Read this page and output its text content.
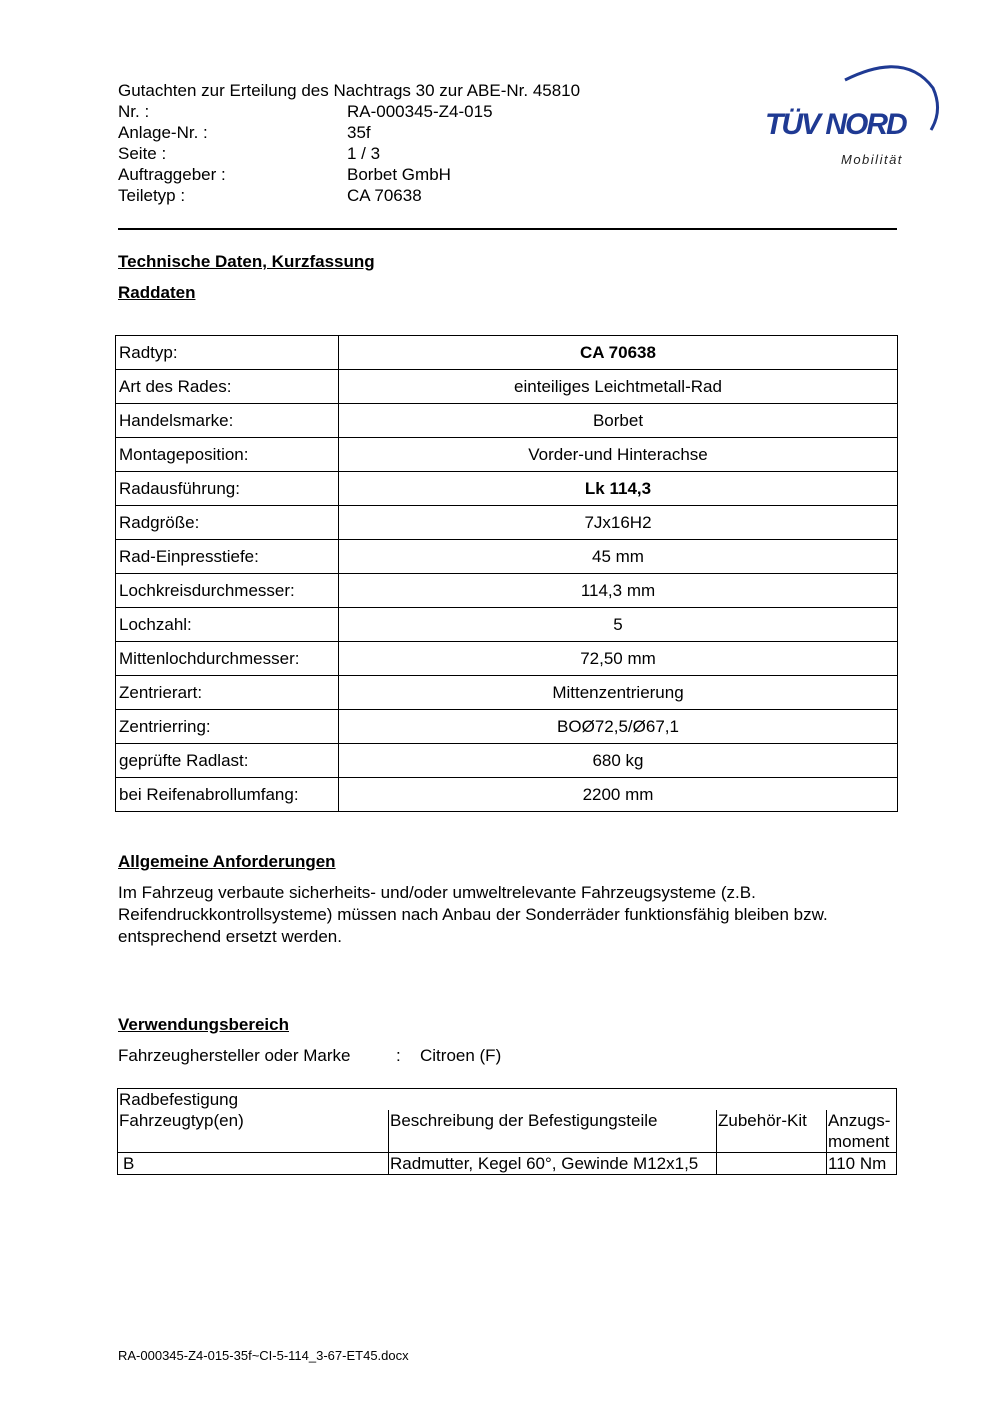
Gutachten zur Erteilung des Nachtrags 30 zur ABE-Nr. 45810
Nr. :	RA-000345-Z4-015
Anlage-Nr. :	35f
Seite :	1 / 3
Auftraggeber :	Borbet GmbH
Teiletyp :	CA 70638
TÜV NORD
Mobilität
Technische Daten, Kurzfassung
Raddaten
Radtyp:	CA 70638
Art des Rades:	einteiliges Leichtmetall-Rad
Handelsmarke:	Borbet
Montageposition:	Vorder-und Hinterachse
Radausführung:	Lk 114,3
Radgröße:	7Jx16H2
Rad-Einpresstiefe:	45 mm
Lochkreisdurchmesser:	114,3 mm
Lochzahl:	5
Mittenlochdurchmesser:	72,50 mm
Zentrierart:	Mittenzentrierung
Zentrierring:	BOØ72,5/Ø67,1
geprüfte Radlast:	680 kg
bei Reifenabrollumfang:	2200 mm
Allgemeine Anforderungen
Im Fahrzeug verbaute sicherheits- und/oder umweltrelevante Fahrzeugsysteme (z.B. Reifendruckkontrollsysteme) müssen nach Anbau der Sonderräder funktionsfähig bleiben bzw. entsprechend ersetzt werden.
Verwendungsbereich
Fahrzeughersteller oder Marke	:	Citroen (F)
Radbefestigung			
Fahrzeugtyp(en)	Beschreibung der Befestigungsteile	Zubehör-Kit	Anzugs-moment
B	Radmutter, Kegel 60°, Gewinde M12x1,5		110 Nm
RA-000345-Z4-015-35f~CI-5-114_3-67-ET45.docx
